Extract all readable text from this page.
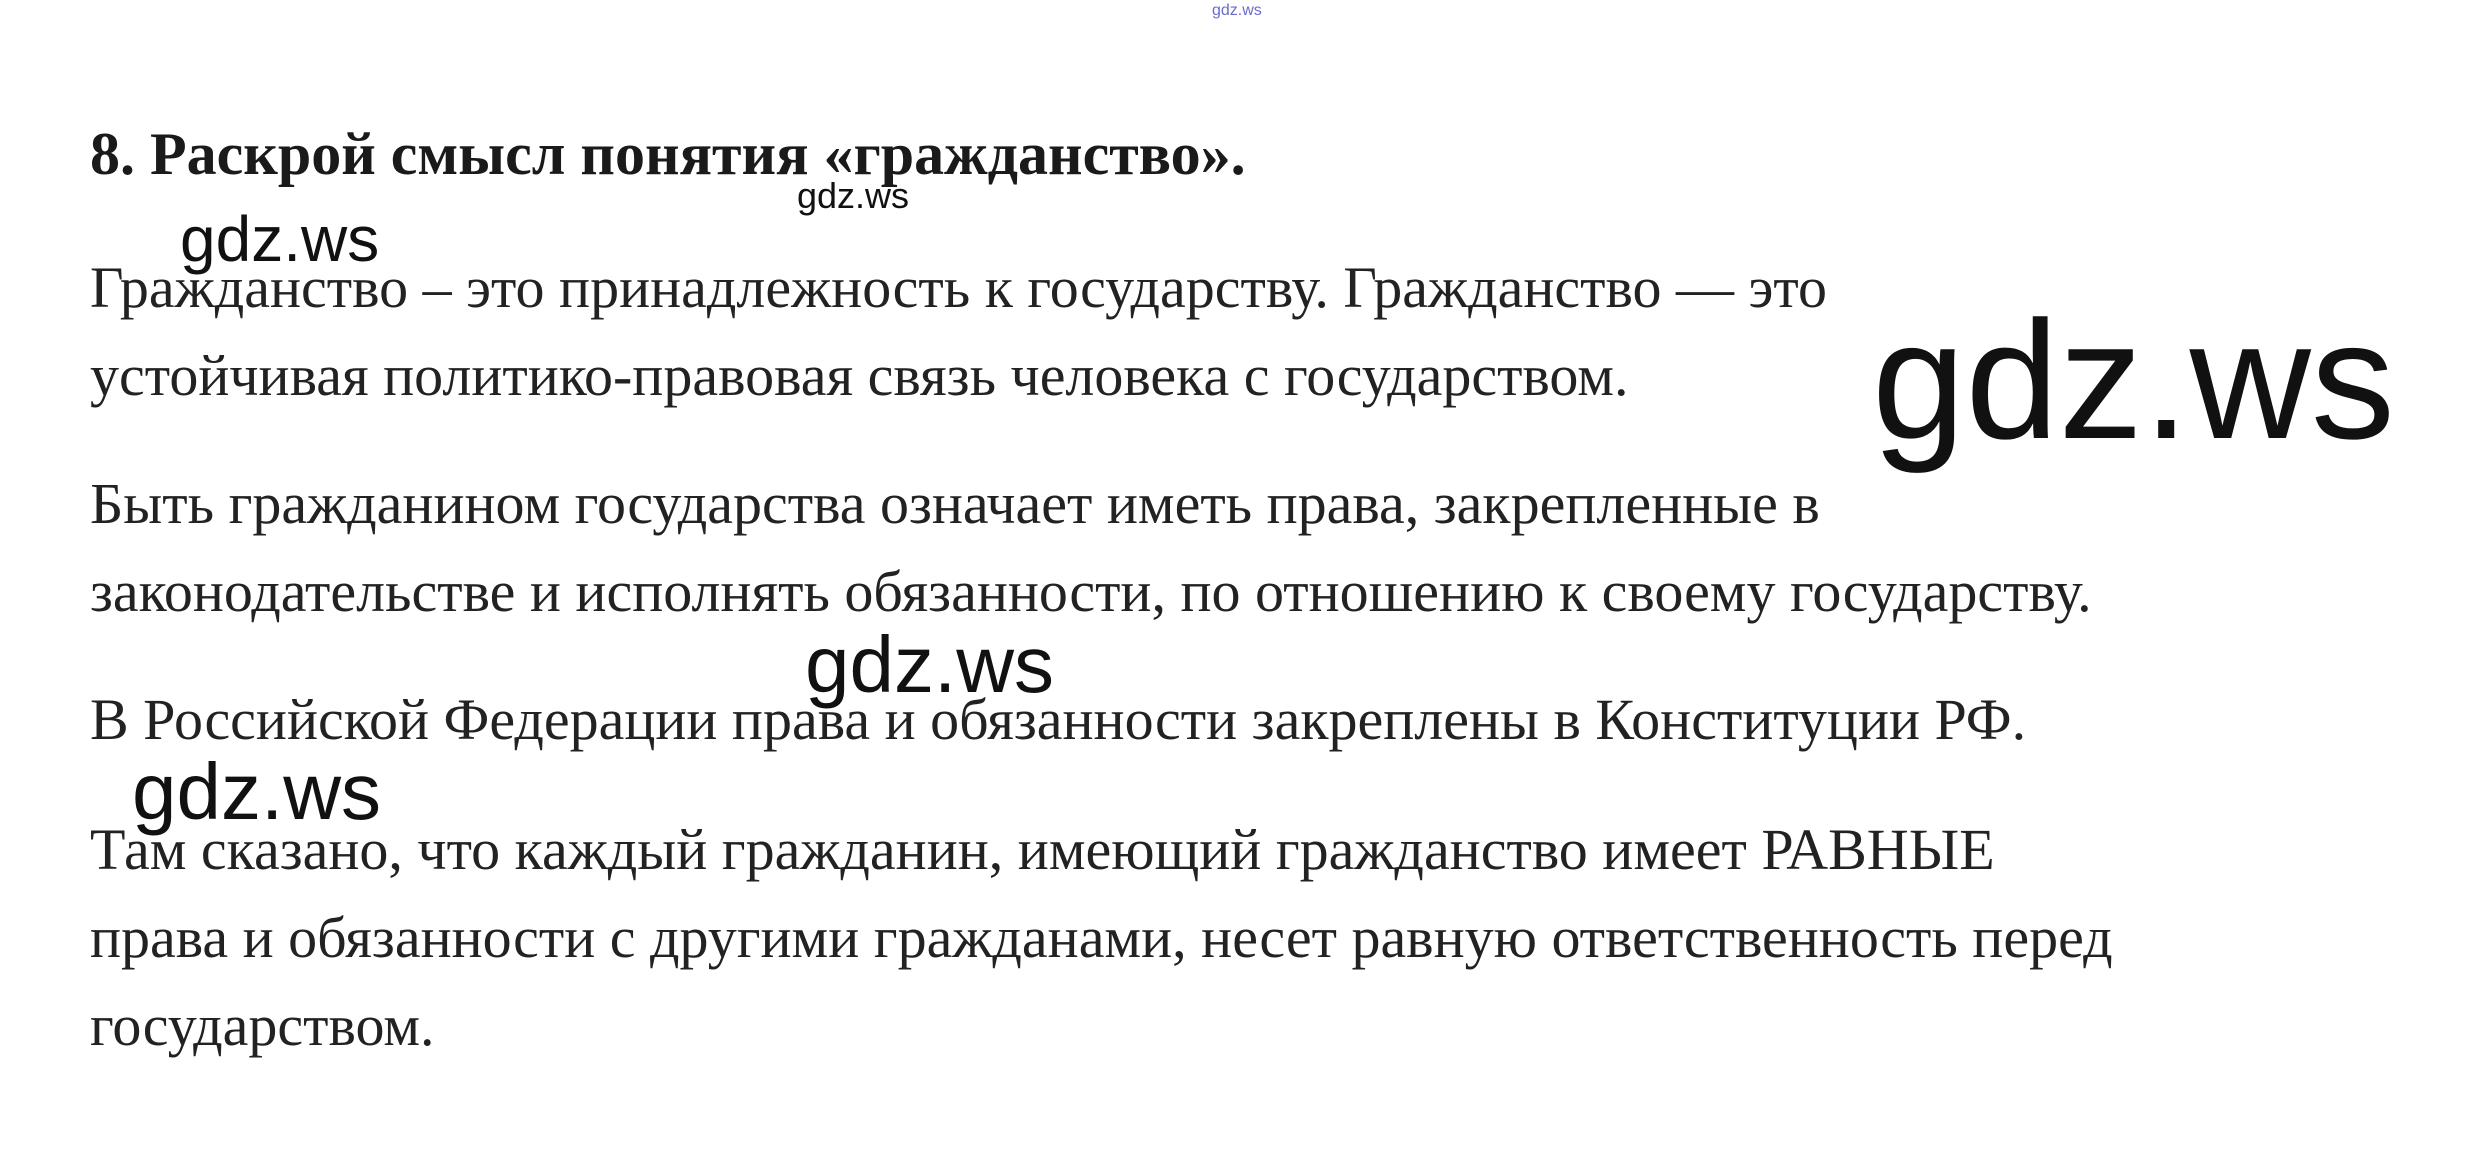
gdz.ws
8. Раскрой смысл понятия «гражданство».

Гражданство – это принадлежность к государству. Гражданство — это
устойчивая политико-правовая связь человека с государством.

Быть гражданином государства означает иметь права, закрепленные в
законодательстве и исполнять обязанности, по отношению к своему государству.

В Российской Федерации права и обязанности закреплены в Конституции РФ.

Там сказано, что каждый гражданин, имеющий гражданство имеет РАВНЫЕ
права и обязанности с другими гражданами, несет равную ответственность перед
государством.

gdz.ws
gdz.ws
gdz.ws
gdz.ws
gdz.ws
